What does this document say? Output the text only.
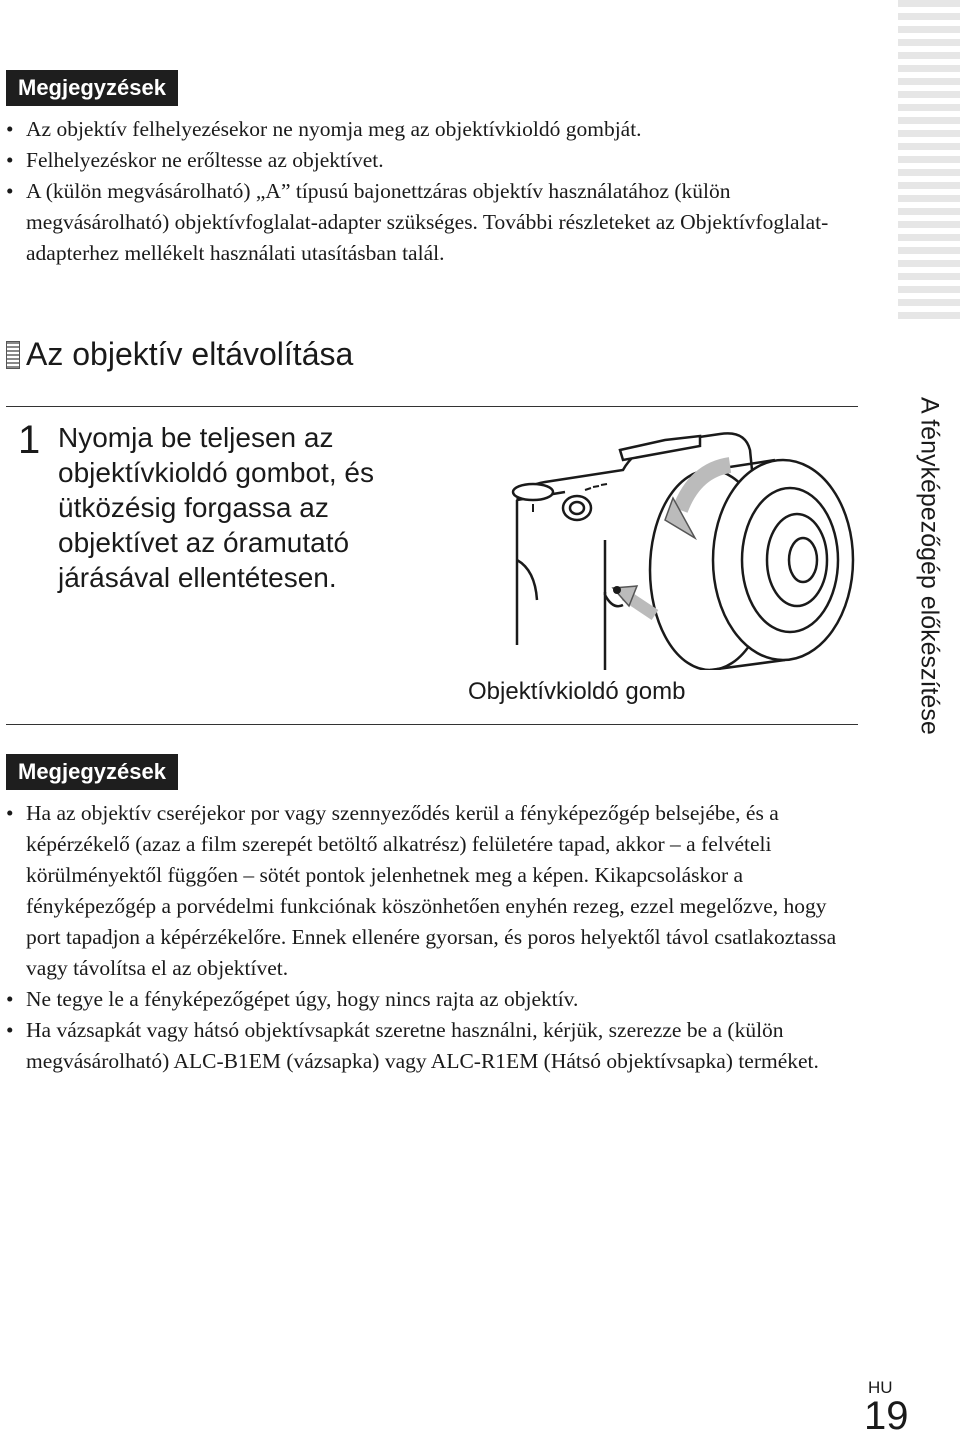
A fényképezőgép előkészítése
Megjegyzések
• Az objektív felhelyezésekor ne nyomja meg az objektívkioldó gombját.
• Felhelyezéskor ne erőltesse az objektívet.
• A (külön megvásárolható) „A” típusú bajonettzáras objektív használatához (külön megvásárolható) objektívfoglalat-adapter szükséges. További részleteket az Objektívfoglalat-adapterhez mellékelt használati utasításban talál.
Az objektív eltávolítása
1 Nyomja be teljesen az objektívkioldó gombot, és ütközésig forgassa az objektívet az óramutató járásával ellentétesen.
Objektívkioldó gomb
Megjegyzések
• Ha az objektív cseréjekor por vagy szennyeződés kerül a fényképezőgép belsejébe, és a képérzékelő (azaz a film szerepét betöltő alkatrész) felületére tapad, akkor – a felvételi körülményektől függően – sötét pontok jelenhetnek meg a képen. Kikapcsoláskor a fényképezőgép a porvédelmi funkciónak köszönhetően enyhén rezeg, ezzel megelőzve, hogy port tapadjon a képérzékelőre. Ennek ellenére gyorsan, és poros helyektől távol csatlakoztassa vagy távolítsa el az objektívet.
• Ne tegye le a fényképezőgépet úgy, hogy nincs rajta az objektív.
• Ha vázsapkát vagy hátsó objektívsapkát szeretne használni, kérjük, szerezze be a (külön megvásárolható) ALC-B1EM (vázsapka) vagy ALC-R1EM (Hátsó objektívsapka) terméket.
HU
19
